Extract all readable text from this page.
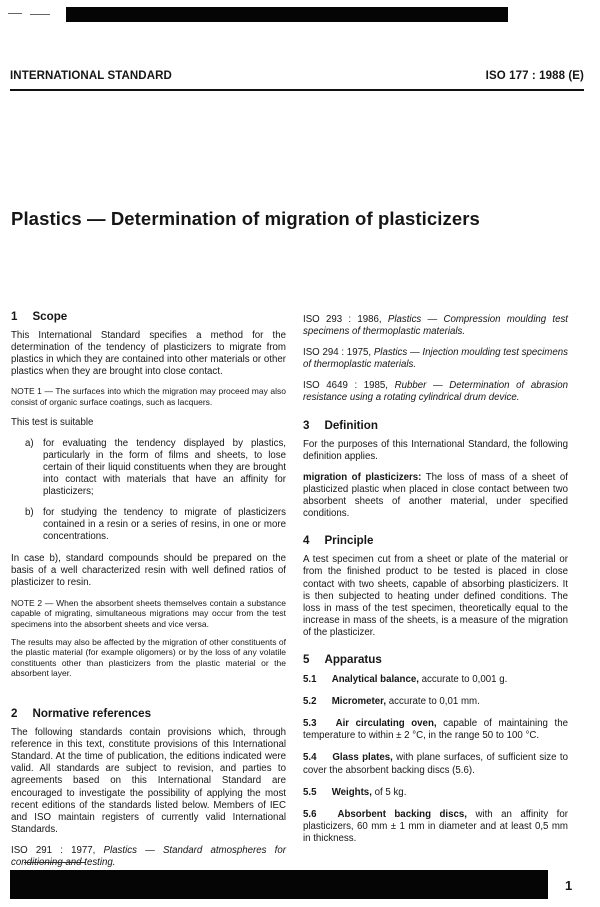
INTERNATIONAL STANDARD	ISO 177 : 1988 (E)
Plastics — Determination of migration of plasticizers
1 Scope

This International Standard specifies a method for the determination of the tendency of plasticizers to migrate from plastics in which they are contained into other materials or other plastics when they are brought into close contact.

NOTE 1 — The surfaces into which the migration may proceed may also consist of organic surface coatings, such as lacquers.

This test is suitable

a) for evaluating the tendency displayed by plastics, particularly in the form of films and sheets, to lose certain of their liquid constituents when they are brought into contact with materials that have an affinity for plasticizers;
b) for studying the tendency to migrate of plasticizers contained in a resin or a series of resins, in one or more concentrations.

In case b), standard compounds should be prepared on the basis of a well characterized resin with well defined ratios of plasticizer to resin.

NOTE 2 — When the absorbent sheets themselves contain a substance capable of migrating, simultaneous migrations may occur from the test specimens into the absorbent sheets and vice versa.

The results may also be affected by the migration of other constituents of the plastic material (for example oligomers) or by the loss of any volatile constituents other than plasticizers from the plastic material or the absorbent layer.

2 Normative references

The following standards contain provisions which, through reference in this text, constitute provisions of this International Standard. At the time of publication, the editions indicated were valid. All standards are subject to revision, and parties to agreements based on this International Standard are encouraged to investigate the possibility of applying the most recent editions of the standards listed below. Members of IEC and ISO maintain registers of currently valid International Standards.

ISO 291 : 1977, Plastics — Standard atmospheres for conditioning and testing.

ISO 293 : 1986, Plastics — Compression moulding test specimens of thermoplastic materials.

ISO 294 : 1975, Plastics — Injection moulding test specimens of thermoplastic materials.

ISO 4649 : 1985, Rubber — Determination of abrasion resistance using a rotating cylindrical drum device.

3 Definition

For the purposes of this International Standard, the following definition applies.

migration of plasticizers: The loss of mass of a sheet of plasticized plastic when placed in close contact between two absorbent sheets of another material, under specified conditions.

4 Principle

A test specimen cut from a sheet or plate of the material or from the finished product to be tested is placed in close contact with two sheets, capable of absorbing plasticizers. It is then subjected to heating under defined conditions. The loss in mass of the test specimen, theoretically equal to the increase in mass of the sheets, is a measure of the migration of the plasticizer.

5 Apparatus

5.1 Analytical balance, accurate to 0,001 g.

5.2 Micrometer, accurate to 0,01 mm.

5.3 Air circulating oven, capable of maintaining the temperature to within ± 2 °C, in the range 50 to 100 °C.

5.4 Glass plates, with plane surfaces, of sufficient size to cover the absorbent backing discs (5.6).

5.5 Weights, of 5 kg.

5.6 Absorbent backing discs, with an affinity for plasticizers, 60 mm ± 1 mm in diameter and at least 0,5 mm in thickness.

1
